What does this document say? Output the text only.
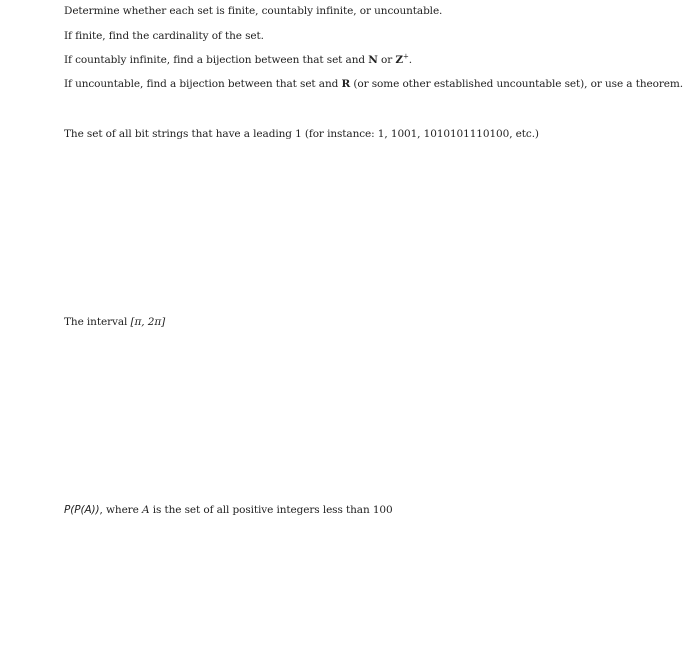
Determine whether each set is finite, countably infinite, or uncountable.
If finite, find the cardinality of the set.
If countably infinite, find a bijection between that set and N or Z+.
If uncountable, find a bijection between that set and R (or some other established uncountable set), or use a theorem.
The set of all bit strings that have a leading 1 (for instance: 1, 1001, 1010101110100, etc.)
The interval [π, 2π]
P(P(A)), where A is the set of all positive integers less than 100
